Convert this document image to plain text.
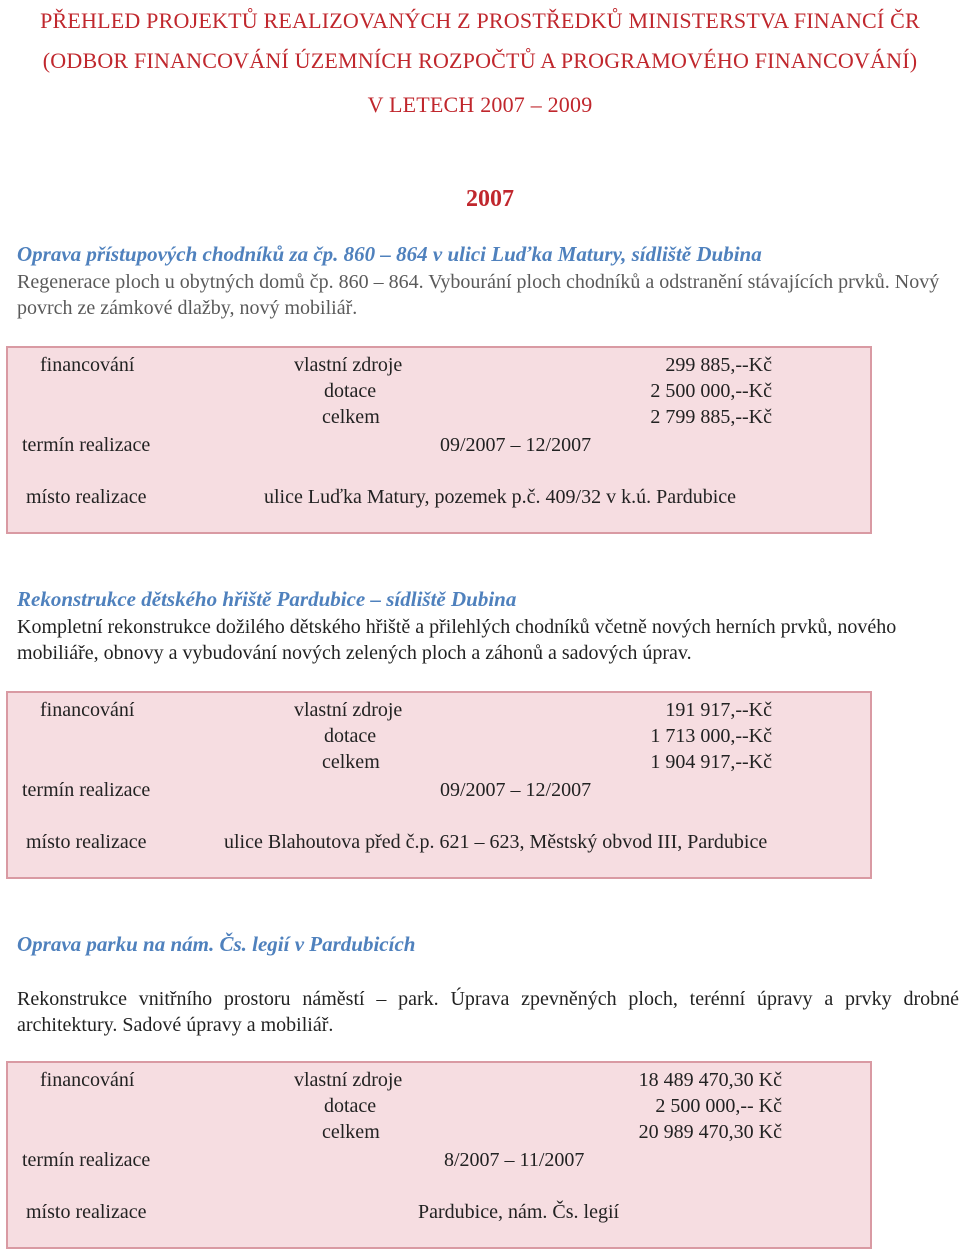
PŘEHLED PROJEKTŮ REALIZOVANÝCH Z PROSTŘEDKŮ MINISTERSTVA FINANCÍ ČR
(ODBOR FINANCOVÁNÍ ÚZEMNÍCH ROZPOČTŮ A PROGRAMOVÉHO FINANCOVÁNÍ)
V LETECH 2007 – 2009
2007
Oprava přístupových chodníků za čp. 860 – 864 v ulici Luďka Matury, sídliště Dubina
Regenerace ploch u obytných domů čp. 860 – 864. Vybourání ploch chodníků a odstranění stávajících prvků. Nový povrch ze zámkové dlažby, nový mobiliář.
financování	vlastní zdroje	299 885,--Kč
dotace	2 500 000,--Kč
celkem	2 799 885,--Kč
termín realizace	09/2007 – 12/2007
místo realizace	ulice Luďka Matury, pozemek p.č. 409/32 v k.ú. Pardubice
Rekonstrukce dětského hřiště Pardubice – sídliště Dubina
Kompletní rekonstrukce dožilého dětského hřiště a přilehlých chodníků včetně nových herních prvků, nového mobiliáře, obnovy a vybudování nových zelených ploch a záhonů a sadových úprav.
financování	vlastní zdroje	191 917,--Kč
dotace	1 713 000,--Kč
celkem	1 904 917,--Kč
termín realizace	09/2007 – 12/2007
místo realizace	ulice Blahoutova před č.p. 621 – 623, Městský obvod III, Pardubice
Oprava parku na nám. Čs. legií v Pardubicích
Rekonstrukce vnitřního prostoru náměstí – park. Úprava zpevněných ploch, terénní úpravy a prvky drobné architektury. Sadové úpravy a mobiliář.
financování	vlastní zdroje	18 489 470,30 Kč
dotace	2 500 000,-- Kč
celkem	20 989 470,30 Kč
termín realizace	8/2007 – 11/2007
místo realizace	Pardubice, nám. Čs. legií
